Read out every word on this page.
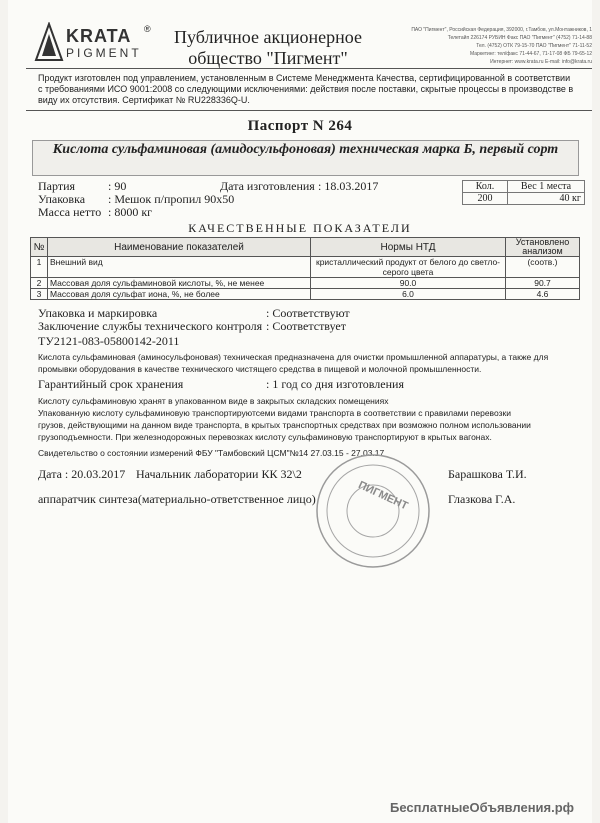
KRATA ®
PIGMENT
Публичное акционерное
общество "Пигмент"
ПАО "Пигмент", Российская Федерация, 392000, г.Тамбов, ул.Монтажников, 1
Телетайп 226174 РУБИН Факс ПАО "Пигмент" (4752) 71-14-88
Тел. (4752) ОТК 79-15-70 ПАО "Пигмент" 71-11-52
Маркетинг: тел/факс 71-44-67, 71-17-08 ФБ 79-65-12
Интернет: www.krata.ru E-mail: info@krata.ru
Продукт изготовлен под управлением, установленным в Системе Менеджмента Качества, сертифицированной в соответствии
с требованиями ИСО 9001:2008 со следующими исключениями: действия после поставки, скрытые процессы в производстве в
виду их отсутствия. Сертификат № RU228336Q-U.
Паспорт N 264
Кислота сульфаминовая (амидосульфоновая) техническая марка Б, первый сорт
Партия	: 90	Дата изготовления : 18.03.2017
Упаковка : Мешок п/пропил 90х50
Масса нетто : 8000 кг
Кол.	Вес 1 места
200	40 кг
КАЧЕСТВЕННЫЕ ПОКАЗАТЕЛИ
№	Наименование показателей	Нормы НТД	Установлено анализом
1	Внешний вид	кристаллический продукт от белого до светло-серого цвета	(соотв.)
2	Массовая доля сульфаминовой кислоты, %, не менее	90.0	90.7
3	Массовая доля сульфат иона, %, не более	6.0	4.6
Упаковка и маркировка	: Соответствуют
Заключение службы технического контроля : Соответствует
ТУ2121-083-05800142-2011
Кислота сульфаминовая (аминосульфоновая) техническая предназначена для очистки промышленной аппаратуры, а также для
промывки оборудования в качестве технического чистящего средства в пищевой и молочной промышленности.
Гарантийный срок хранения	: 1 год со дня изготовления
Кислоту сульфаминовую хранят в упакованном виде в закрытых складских помещениях
Упакованную кислоту сульфаминовую транспортируютсеми видами транспорта в соответствии с правилами перевозки
грузов, действующими на данном виде транспорта, в крытых транспортных средствах при возможно полном использовании
грузоподъемности. При железнодорожных перевозках кислоту сульфаминовую транспортируют в крытых вагонах.
Свидетельство о состоянии измерений ФБУ "Тамбовский ЦСМ"№14 27.03.15 - 27.03.17
Дата : 20.03.2017 Начальник лаборатории КК 32\2	Барашкова Т.И.
аппаратчик синтеза(материально-ответственное лицо)	Глазкова Г.А.
ПИГМЕНТ
БесплатныеОбъявления.рф
